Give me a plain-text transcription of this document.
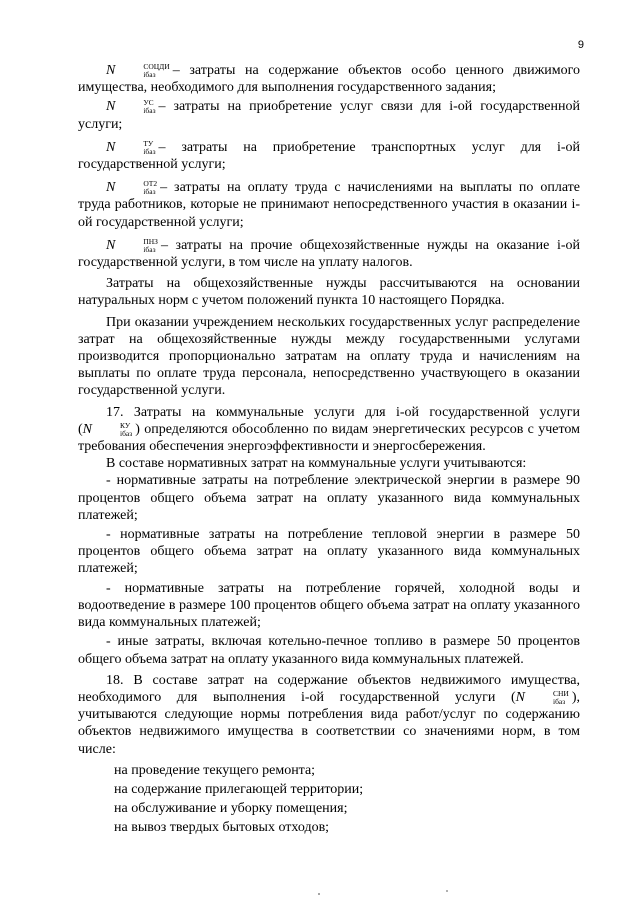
9

N	СОЦДИ
iбаз	– затраты на содержание объектов особо ценного движимого имущества, необходимого для выполнения государственного задания;

N	УС
iбаз – затраты на приобретение услуг связи для i-ой государственной услуги;

N	ТУ
iбаз – затраты на приобретение транспортных услуг для i-ой государственной услуги;

N	ОТ2
iбаз – затраты на оплату труда с начислениями на выплаты по оплате труда работников, которые не принимают непосредственного участия в оказании i-ой государственной услуги;

N	ПНЗ
iбаз – затраты на прочие общехозяйственные нужды на оказание i-ой государственной услуги, в том числе на уплату налогов.

Затраты на общехозяйственные нужды рассчитываются на основании натуральных норм с учетом положений пункта 10 настоящего Порядка.

При оказании учреждением нескольких государственных услуг распределение затрат на общехозяйственные нужды между государственными услугами производится пропорционально затратам на оплату труда и начислениям на выплаты по оплате труда персонала, непосредственно участвующего в оказании государственной услуги.

17. Затраты на коммунальные услуги для i-ой государственной услуги (N	КУ
iбаз ) определяются обособленно по видам энергетических ресурсов с учетом требования обеспечения энергоэффективности и энергосбережения.

В составе нормативных затрат на коммунальные услуги учитываются:

- нормативные затраты на потребление электрической энергии в размере 90 процентов общего объема затрат на оплату указанного вида коммунальных платежей;

- нормативные затраты на потребление тепловой энергии в размере 50 процентов общего объема затрат на оплату указанного вида коммунальных платежей;

- нормативные затраты на потребление горячей, холодной воды и водоотведение в размере 100 процентов общего объема затрат на оплату указанного вида коммунальных платежей;

- иные затраты, включая котельно-печное топливо в размере 50 процентов общего объема затрат на оплату указанного вида коммунальных платежей.

18. В составе затрат на содержание объектов недвижимого имущества, необходимого для выполнения i-ой государственной услуги (N	СНИ
iбаз ), учитываются следующие нормы потребления вида работ/услуг по содержанию объектов недвижимого имущества в соответствии со значениями норм, в том числе:

на проведение текущего ремонта;

на содержание прилегающей территории;

на обслуживание и уборку помещения;

на вывоз твердых бытовых отходов;
